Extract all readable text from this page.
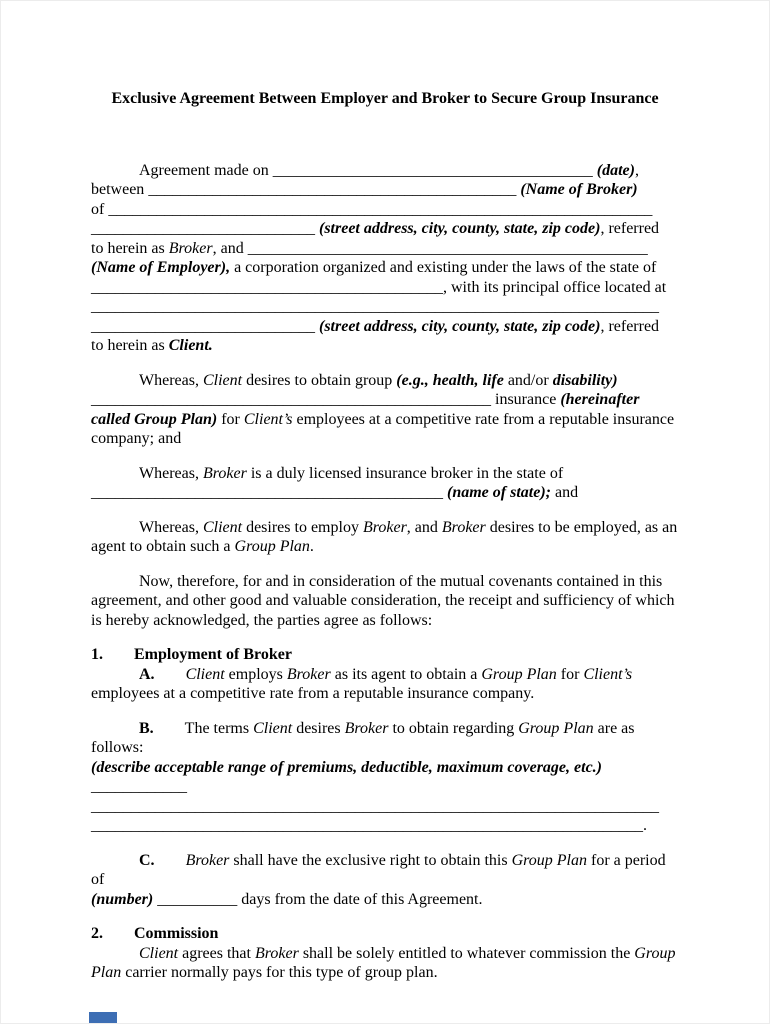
Exclusive Agreement Between Employer and Broker to Secure Group Insurance

Agreement made on ________________________________________ (date),
between ______________________________________________ (Name of Broker)
of ____________________________________________________________________
____________________________ (street address, city, county, state, zip code), referred
to herein as Broker, and __________________________________________________
(Name of Employer), a corporation organized and existing under the laws of the state of
____________________________________________, with its principal office located at
_______________________________________________________________________
____________________________ (street address, city, county, state, zip code), referred
to herein as Client.

Whereas, Client desires to obtain group (e.g., health, life and/or disability)
__________________________________________________ insurance (hereinafter
called Group Plan) for Client’s employees at a competitive rate from a reputable insurance company; and

Whereas, Broker is a duly licensed insurance broker in the state of
____________________________________________ (name of state); and

Whereas, Client desires to employ Broker, and Broker desires to be employed, as an agent to obtain such a Group Plan.

Now, therefore, for and in consideration of the mutual covenants contained in this agreement, and other good and valuable consideration, the receipt and sufficiency of which is hereby acknowledged, the parties agree as follows:

1. Employment of Broker

A. Client employs Broker as its agent to obtain a Group Plan for Client’s employees at a competitive rate from a reputable insurance company.

B. The terms Client desires Broker to obtain regarding Group Plan are as follows:
(describe acceptable range of premiums, deductible, maximum coverage, etc.) ____________
_______________________________________________________________________
_____________________________________________________________________.

C. Broker shall have the exclusive right to obtain this Group Plan for a period of
(number) __________ days from the date of this Agreement.

2. Commission

Client agrees that Broker shall be solely entitled to whatever commission the Group Plan carrier normally pays for this type of group plan.
